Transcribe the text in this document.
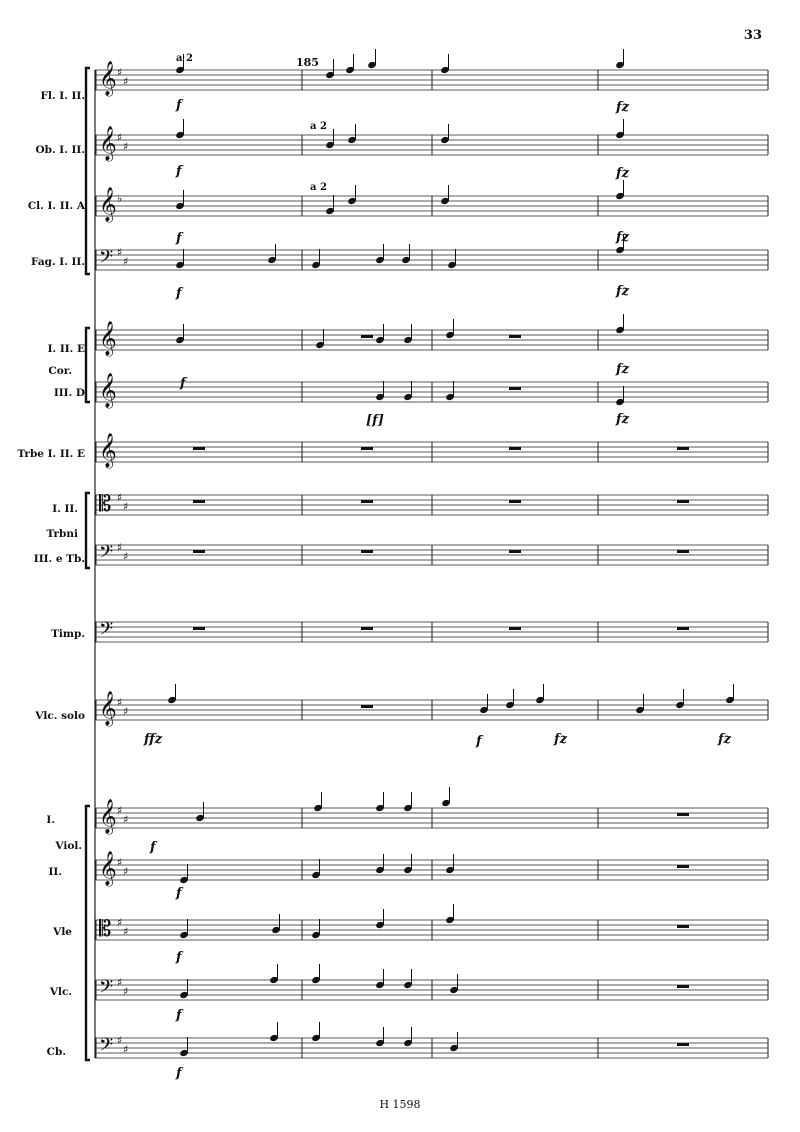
33
185
Fl. I. II.
Ob. I. II.
Cl. I. II. A
Fag. I. II.
I. II. E
Cor.
III. D
Trbe I. II. E
I. II.
Trbni
III. e Tb.
Timp.
Vlc. solo
I.
Viol.
II.
Vle
Vlc.
Cb.
f
f
f
f
f
[f]
fz
fz
fz
fz
fz
fz
ffz	f	fz	fz
f
f
f
f
f
a 2
a 2
a 2
𝄞 ♯
♯
𝄞 ♯
♯
𝄞 ♭
𝄢 ♯
♯
𝄞
𝄞
𝄞
𝄡 ♯
♯
𝄢 ♯
♯
𝄢
𝄞 ♯
♯
𝄞 ♯
♯
𝄞 ♯
♯
𝄡 ♯
♯
𝄢 ♯
♯
𝄢 ♯
♯
H 1598
